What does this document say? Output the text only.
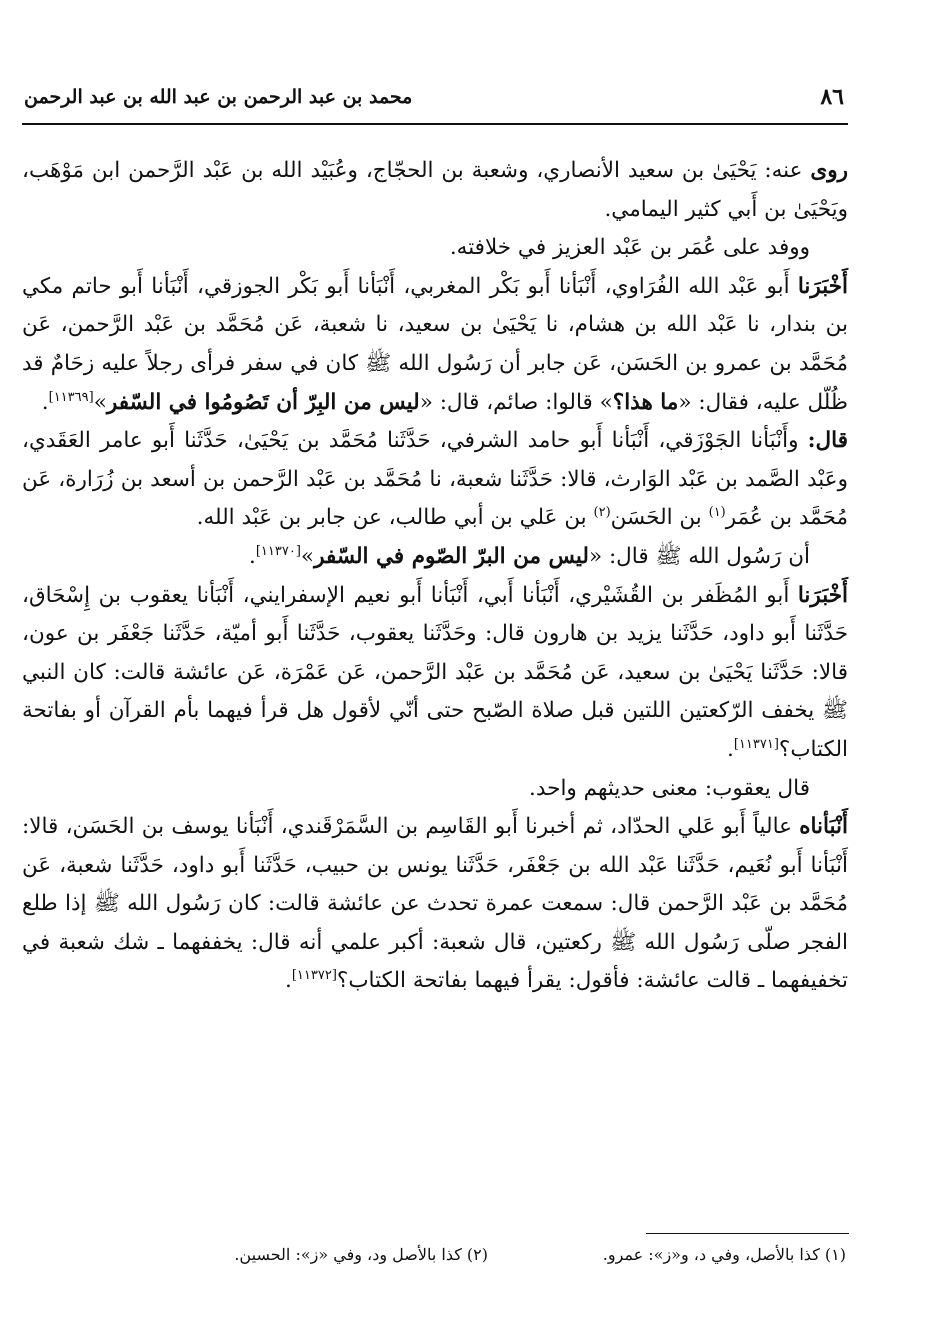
٨٦
محمد بن عبد الرحمن بن عبد الله بن عبد الرحمن

روى عنه: يَحْيَىٰ بن سعيد الأنصاري، وشعبة بن الحجّاج، وعُبَيْد الله بن عَبْد الرَّحمن ابن مَوْهَب، ويَحْيَىٰ بن أَبي كثير اليمامي.

ووفد على عُمَر بن عَبْد العزيز في خلافته.

أَخْبَرَنا أَبو عَبْد الله الفُرَاوي، أَنْبَأنا أَبو بَكْر المغربي، أَنْبَأنا أَبو بَكْر الجوزقي، أَنْبَأنا أَبو حاتم مكي بن بندار، نا عَبْد الله بن هشام، نا يَحْيَىٰ بن سعيد، نا شعبة، عَن مُحَمَّد بن عَبْد الرَّحمن، عَن مُحَمَّد بن عمرو بن الحَسَن، عَن جابر أن رَسُول الله ﷺ كان في سفر فرأى رجلاً عليه زحَامٌ قد ظُلّل عليه، فقال: «ما هذا؟» قالوا: صائم، قال: «ليس من البِرّ أن تَصُومُوا في السّفر»[١١٣٦٩].

قال: وأَنْبَأنا الجَوْزَقي، أَنْبَأنا أَبو حامد الشرفي، حَدَّثَنا مُحَمَّد بن يَحْيَىٰ، حَدَّثَنا أَبو عامر العَقَدي، وعَبْد الصَّمد بن عَبْد الوَارث، قالا: حَدَّثَنا شعبة، نا مُحَمَّد بن عَبْد الرَّحمن بن أسعد بن زُرَارة، عَن مُحَمَّد بن عُمَر$^{(١)}$ بن الحَسَن$^{(٢)}$ بن عَلي بن أبي طالب، عن جابر بن عَبْد الله.

أن رَسُول الله ﷺ قال: «ليس من البرّ الصّوم في السّفر»[١١٣٧٠].

أَخْبَرَنا أَبو المُظَفر بن القُشَيْري، أَنْبَأنا أَبي، أَنْبَأنا أَبو نعيم الإسفرايني، أَنْبَأنا يعقوب بن إِسْحَاق، حَدَّثَنا أَبو داود، حَدَّثَنا يزيد بن هارون قال: وحَدَّثَنا يعقوب، حَدَّثَنا أَبو أميّة، حَدَّثَنا جَعْفَر بن عون، قالا: حَدَّثَنا يَحْيَىٰ بن سعيد، عَن مُحَمَّد بن عَبْد الرَّحمن، عَن عَمْرَة، عَن عائشة قالت: كان النبي ﷺ يخفف الرّكعتين اللتين قبل صلاة الصّبح حتى أنّي لأقول هل قرأ فيهما بأم القرآن أو بفاتحة الكتاب؟[١١٣٧١].

قال يعقوب: معنى حديثهم واحد.

أَنْبَأناه عالياً أَبو عَلي الحدّاد، ثم أخبرنا أَبو القَاسِم بن السَّمَرْقَندي، أَنْبَأنا يوسف بن الحَسَن، قالا: أَنْبَأنا أَبو نُعَيم، حَدَّثَنا عَبْد الله بن جَعْفَر، حَدَّثَنا يونس بن حبيب، حَدَّثَنا أَبو داود، حَدَّثَنا شعبة، عَن مُحَمَّد بن عَبْد الرَّحمن قال: سمعت عمرة تحدث عن عائشة قالت: كان رَسُول الله ﷺ إذا طلع الفجر صلّى رَسُول الله ﷺ ركعتين، قال شعبة: أكبر علمي أنه قال: يخففهما ـ شك شعبة في تخفيفهما ـ قالت عائشة: فأقول: يقرأ فيهما بفاتحة الكتاب؟[١١٣٧٢].

(١) كذا بالأصل، وفي د، و«ز»: عمرو.
(٢) كذا بالأصل ود، وفي «ز»: الحسين.
